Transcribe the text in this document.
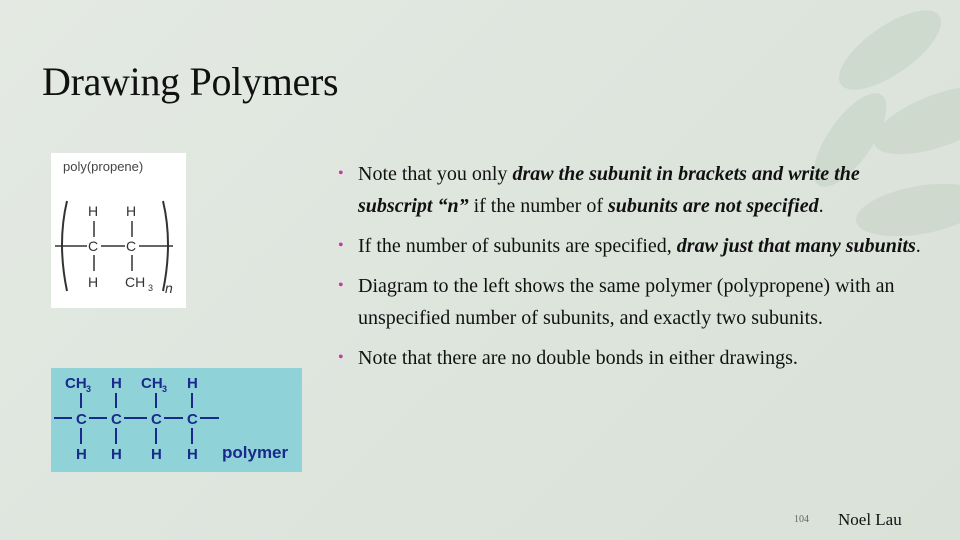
Drawing Polymers
poly(propene)
H H
C C
H CH 3 n
CH 3 H CH 3 H
C C C C
H H H H polymer
• Note that you only draw the subunit in brackets and write the subscript “n” if the number of subunits are not specified.
• If the number of subunits are specified, draw just that many subunits.
• Diagram to the left shows the same polymer (polypropene) with an unspecified number of subunits, and exactly two subunits.
• Note that there are no double bonds in either drawings.
104 Noel Lau
